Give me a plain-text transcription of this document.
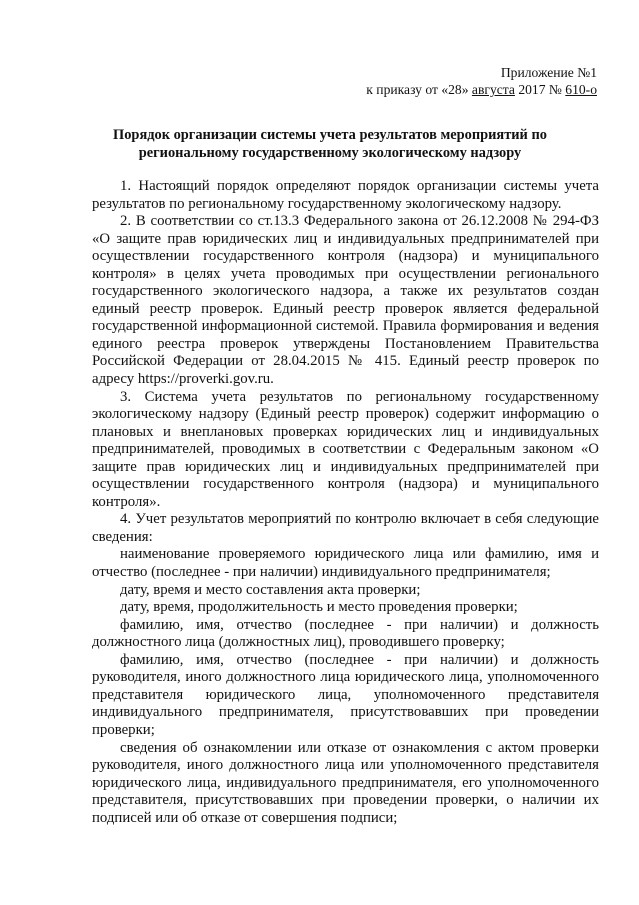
Приложение №1
к приказу от «28» августа 2017 № 610-о
Порядок организации системы учета результатов мероприятий по
региональному государственному экологическому надзору

1. Настоящий порядок определяют порядок организации системы учета результатов по региональному государственному экологическому надзору.

2. В соответствии со ст.13.3 Федерального закона от 26.12.2008 № 294-ФЗ «О защите прав юридических лиц и индивидуальных предпринимателей при осуществлении государственного контроля (надзора) и муниципального контроля» в целях учета проводимых при осуществлении регионального государственного экологического надзора, а также их результатов создан единый реестр проверок. Единый реестр проверок является федеральной государственной информационной системой. Правила формирования и ведения единого реестра проверок утверждены Постановлением Правительства Российской Федерации от 28.04.2015 № 415. Единый реестр проверок по адресу https://proverki.gov.ru.

3. Система учета результатов по региональному государственному экологическому надзору (Единый реестр проверок) содержит информацию о плановых и внеплановых проверках юридических лиц и индивидуальных предпринимателей, проводимых в соответствии с Федеральным законом «О защите прав юридических лиц и индивидуальных предпринимателей при осуществлении государственного контроля (надзора) и муниципального контроля».

4. Учет результатов мероприятий по контролю включает в себя следующие сведения:

наименование проверяемого юридического лица или фамилию, имя и отчество (последнее - при наличии) индивидуального предпринимателя;

дату, время и место составления акта проверки;

дату, время, продолжительность и место проведения проверки;

фамилию, имя, отчество (последнее - при наличии) и должность должностного лица (должностных лиц), проводившего проверку;

фамилию, имя, отчество (последнее - при наличии) и должность руководителя, иного должностного лица юридического лица, уполномоченного представителя юридического лица, уполномоченного представителя индивидуального предпринимателя, присутствовавших при проведении проверки;

сведения об ознакомлении или отказе от ознакомления с актом проверки руководителя, иного должностного лица или уполномоченного представителя юридического лица, индивидуального предпринимателя, его уполномоченного представителя, присутствовавших при проведении проверки, о наличии их подписей или об отказе от совершения подписи;
